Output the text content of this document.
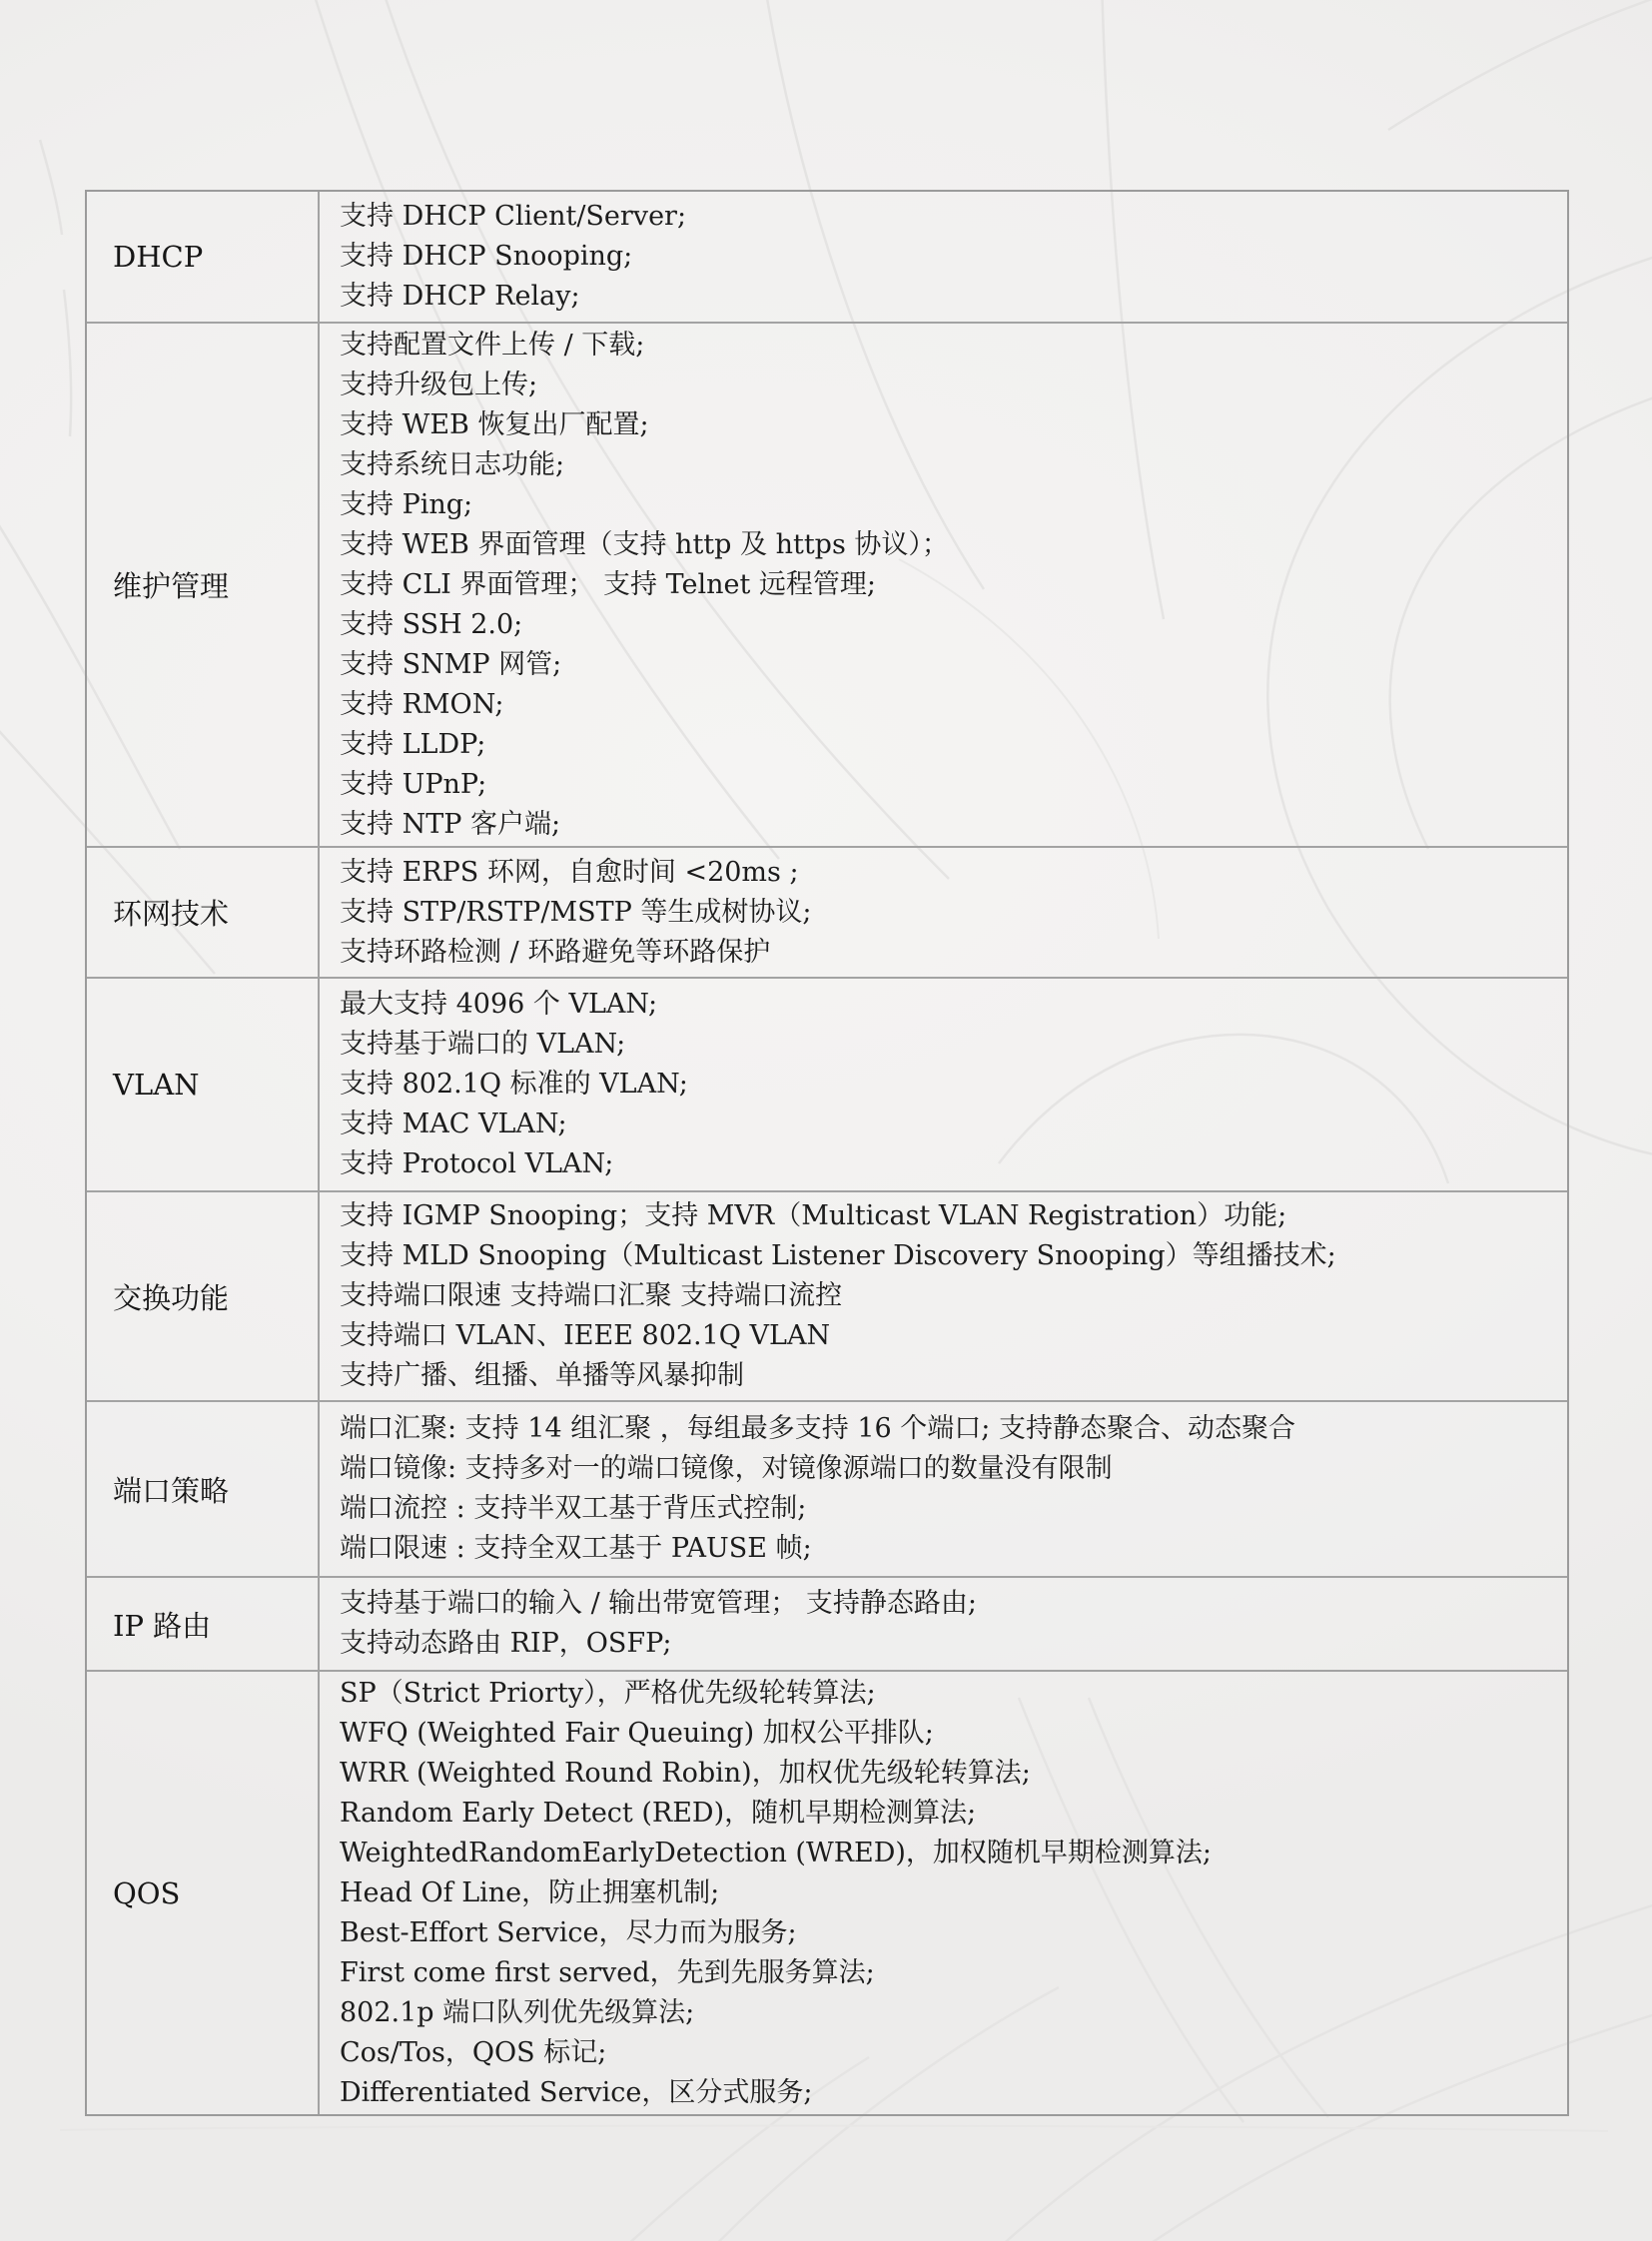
DHCP
支持 DHCP Client/Server;
支持 DHCP Snooping;
支持 DHCP Relay;
维护管理
支持配置文件上传 / 下载;
支持升级包上传;
支持 WEB 恢复出厂配置;
支持系统日志功能;
支持 Ping;
支持 WEB 界面管理（支持 http 及 https 协议）；
支持 CLI 界面管理； 支持 Telnet 远程管理;
支持 SSH 2.0;
支持 SNMP 网管;
支持 RMON;
支持 LLDP;
支持 UPnP;
支持 NTP 客户端;
环网技术
支持 ERPS 环网，自愈时间 <20ms ;
支持 STP/RSTP/MSTP 等生成树协议;
支持环路检测 / 环路避免等环路保护
VLAN
最大支持 4096 个 VLAN;
支持基于端口的 VLAN;
支持 802.1Q 标准的 VLAN;
支持 MAC VLAN;
支持 Protocol VLAN;
交换功能
支持 IGMP Snooping；支持 MVR（Multicast VLAN Registration）功能;
支持 MLD Snooping（Multicast Listener Discovery Snooping）等组播技术;
支持端口限速 支持端口汇聚 支持端口流控
支持端口 VLAN、IEEE 802.1Q VLAN
支持广播、组播、单播等风暴抑制
端口策略
端口汇聚: 支持 14 组汇聚 ，每组最多支持 16 个端口; 支持静态聚合、动态聚合
端口镜像: 支持多对一的端口镜像，对镜像源端口的数量没有限制
端口流控 : 支持半双工基于背压式控制;
端口限速 : 支持全双工基于 PAUSE 帧;
IP 路由
支持基于端口的输入 / 输出带宽管理； 支持静态路由;
支持动态路由 RIP，OSFP;
QOS
SP（Strict Priorty），严格优先级轮转算法;
WFQ (Weighted Fair Queuing) 加权公平排队;
WRR (Weighted Round Robin)，加权优先级轮转算法;
Random Early Detect (RED)，随机早期检测算法;
WeightedRandomEarlyDetection (WRED)，加权随机早期检测算法;
Head Of Line，防止拥塞机制;
Best-Effort Service，尽力而为服务;
First come first served，先到先服务算法;
802.1p 端口队列优先级算法;
Cos/Tos，QOS 标记;
Differentiated Service，区分式服务;
